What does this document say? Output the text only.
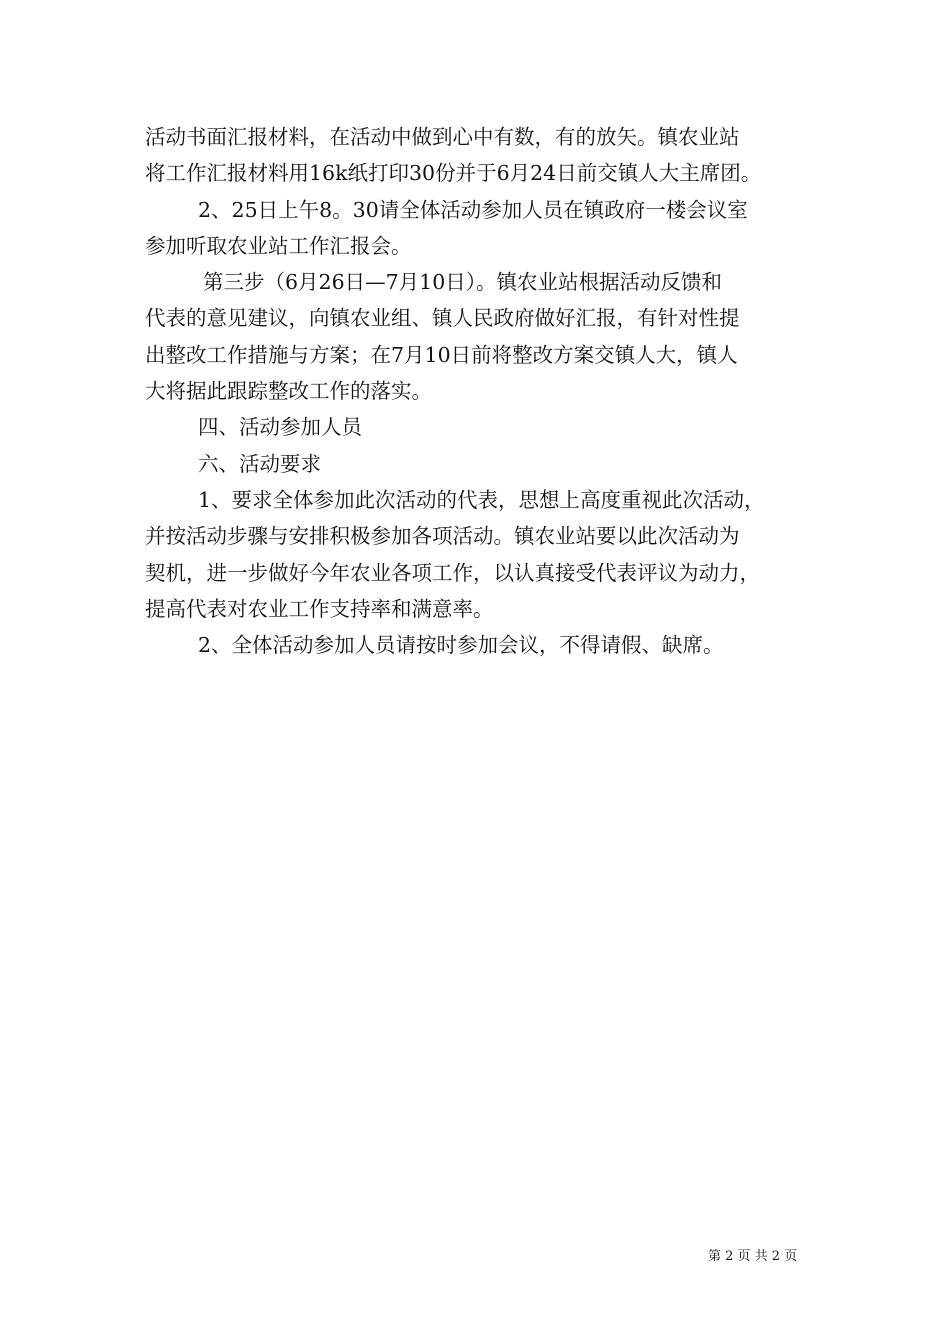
活动书面汇报材料，在活动中做到心中有数，有的放矢。镇农业站
将工作汇报材料用16k纸打印30份并于6月24日前交镇人大主席团。
2、25日上午8。30请全体活动参加人员在镇政府一楼会议室
参加听取农业站工作汇报会。
第三步（6月26日—7月10日）。镇农业站根据活动反馈和
代表的意见建议，向镇农业组、镇人民政府做好汇报，有针对性提
出整改工作措施与方案；在7月10日前将整改方案交镇人大，镇人
大将据此跟踪整改工作的落实。
四、活动参加人员
六、活动要求
1、要求全体参加此次活动的代表，思想上高度重视此次活动，
并按活动步骤与安排积极参加各项活动。镇农业站要以此次活动为
契机，进一步做好今年农业各项工作，以认真接受代表评议为动力，
提高代表对农业工作支持率和满意率。
2、全体活动参加人员请按时参加会议，不得请假、缺席。
第 2 页 共 2 页
